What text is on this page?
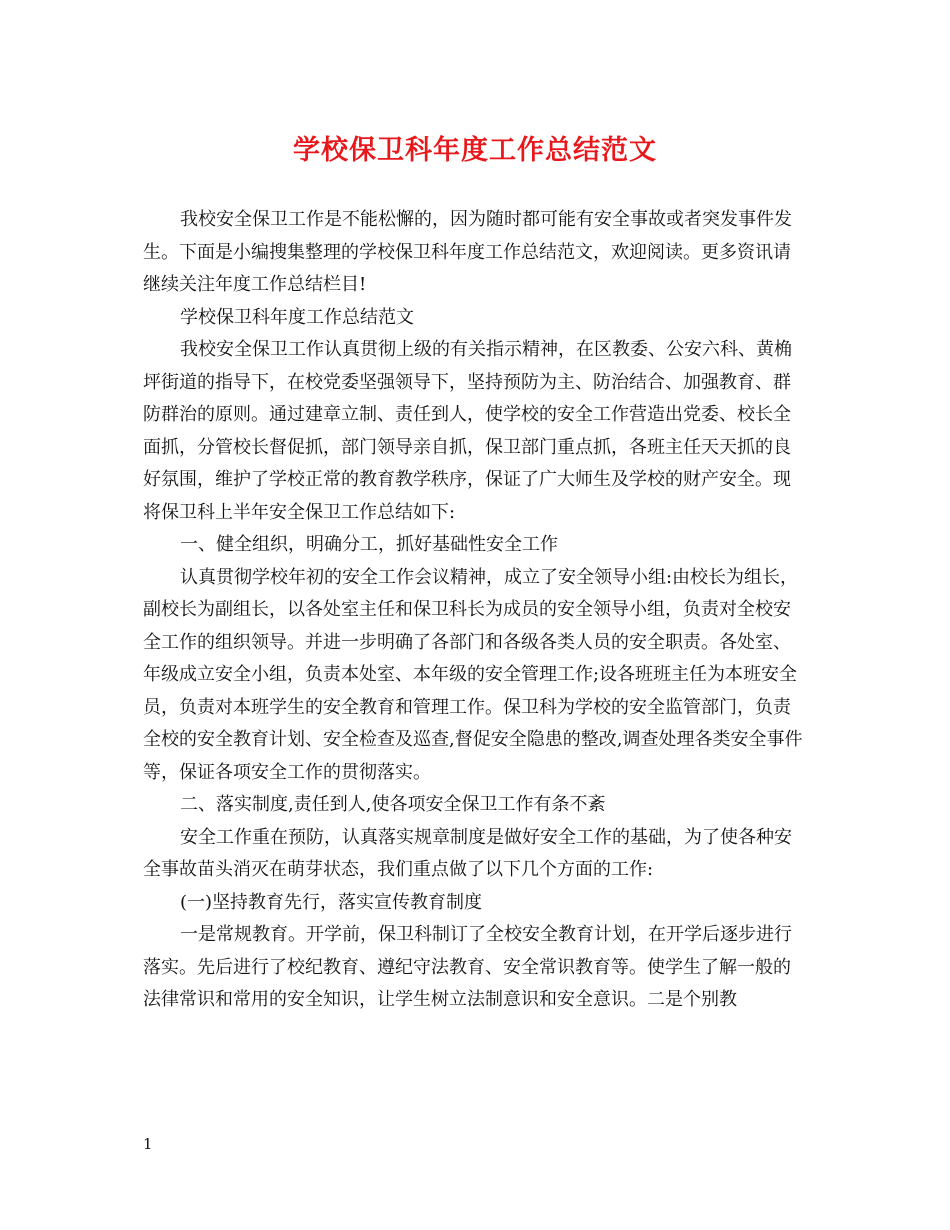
学校保卫科年度工作总结范文

我校安全保卫工作是不能松懈的，因为随时都可能有安全事故或者突发事件发生。下面是小编搜集整理的学校保卫科年度工作总结范文，欢迎阅读。更多资讯请继续关注年度工作总结栏目!

学校保卫科年度工作总结范文

我校安全保卫工作认真贯彻上级的有关指示精神，在区教委、公安六科、黄桷坪街道的指导下，在校党委坚强领导下，坚持预防为主、防治结合、加强教育、群防群治的原则。通过建章立制、责任到人，使学校的安全工作营造出党委、校长全面抓，分管校长督促抓，部门领导亲自抓，保卫部门重点抓，各班主任天天抓的良好氛围，维护了学校正常的教育教学秩序，保证了广大师生及学校的财产安全。现将保卫科上半年安全保卫工作总结如下:

一、健全组织，明确分工，抓好基础性安全工作

认真贯彻学校年初的安全工作会议精神，成立了安全领导小组:由校长为组长，副校长为副组长，以各处室主任和保卫科长为成员的安全领导小组，负责对全校安全工作的组织领导。并进一步明确了各部门和各级各类人员的安全职责。各处室、年级成立安全小组，负责本处室、本年级的安全管理工作;设各班班主任为本班安全员，负责对本班学生的安全教育和管理工作。保卫科为学校的安全监管部门，负责全校的安全教育计划、安全检查及巡查,督促安全隐患的整改,调查处理各类安全事件等，保证各项安全工作的贯彻落实。

二、落实制度,责任到人,使各项安全保卫工作有条不紊

安全工作重在预防，认真落实规章制度是做好安全工作的基础，为了使各种安全事故苗头消灭在萌芽状态，我们重点做了以下几个方面的工作:

(一)坚持教育先行，落实宣传教育制度

一是常规教育。开学前，保卫科制订了全校安全教育计划，在开学后逐步进行落实。先后进行了校纪教育、遵纪守法教育、安全常识教育等。使学生了解一般的法律常识和常用的安全知识，让学生树立法制意识和安全意识。二是个别教

1
